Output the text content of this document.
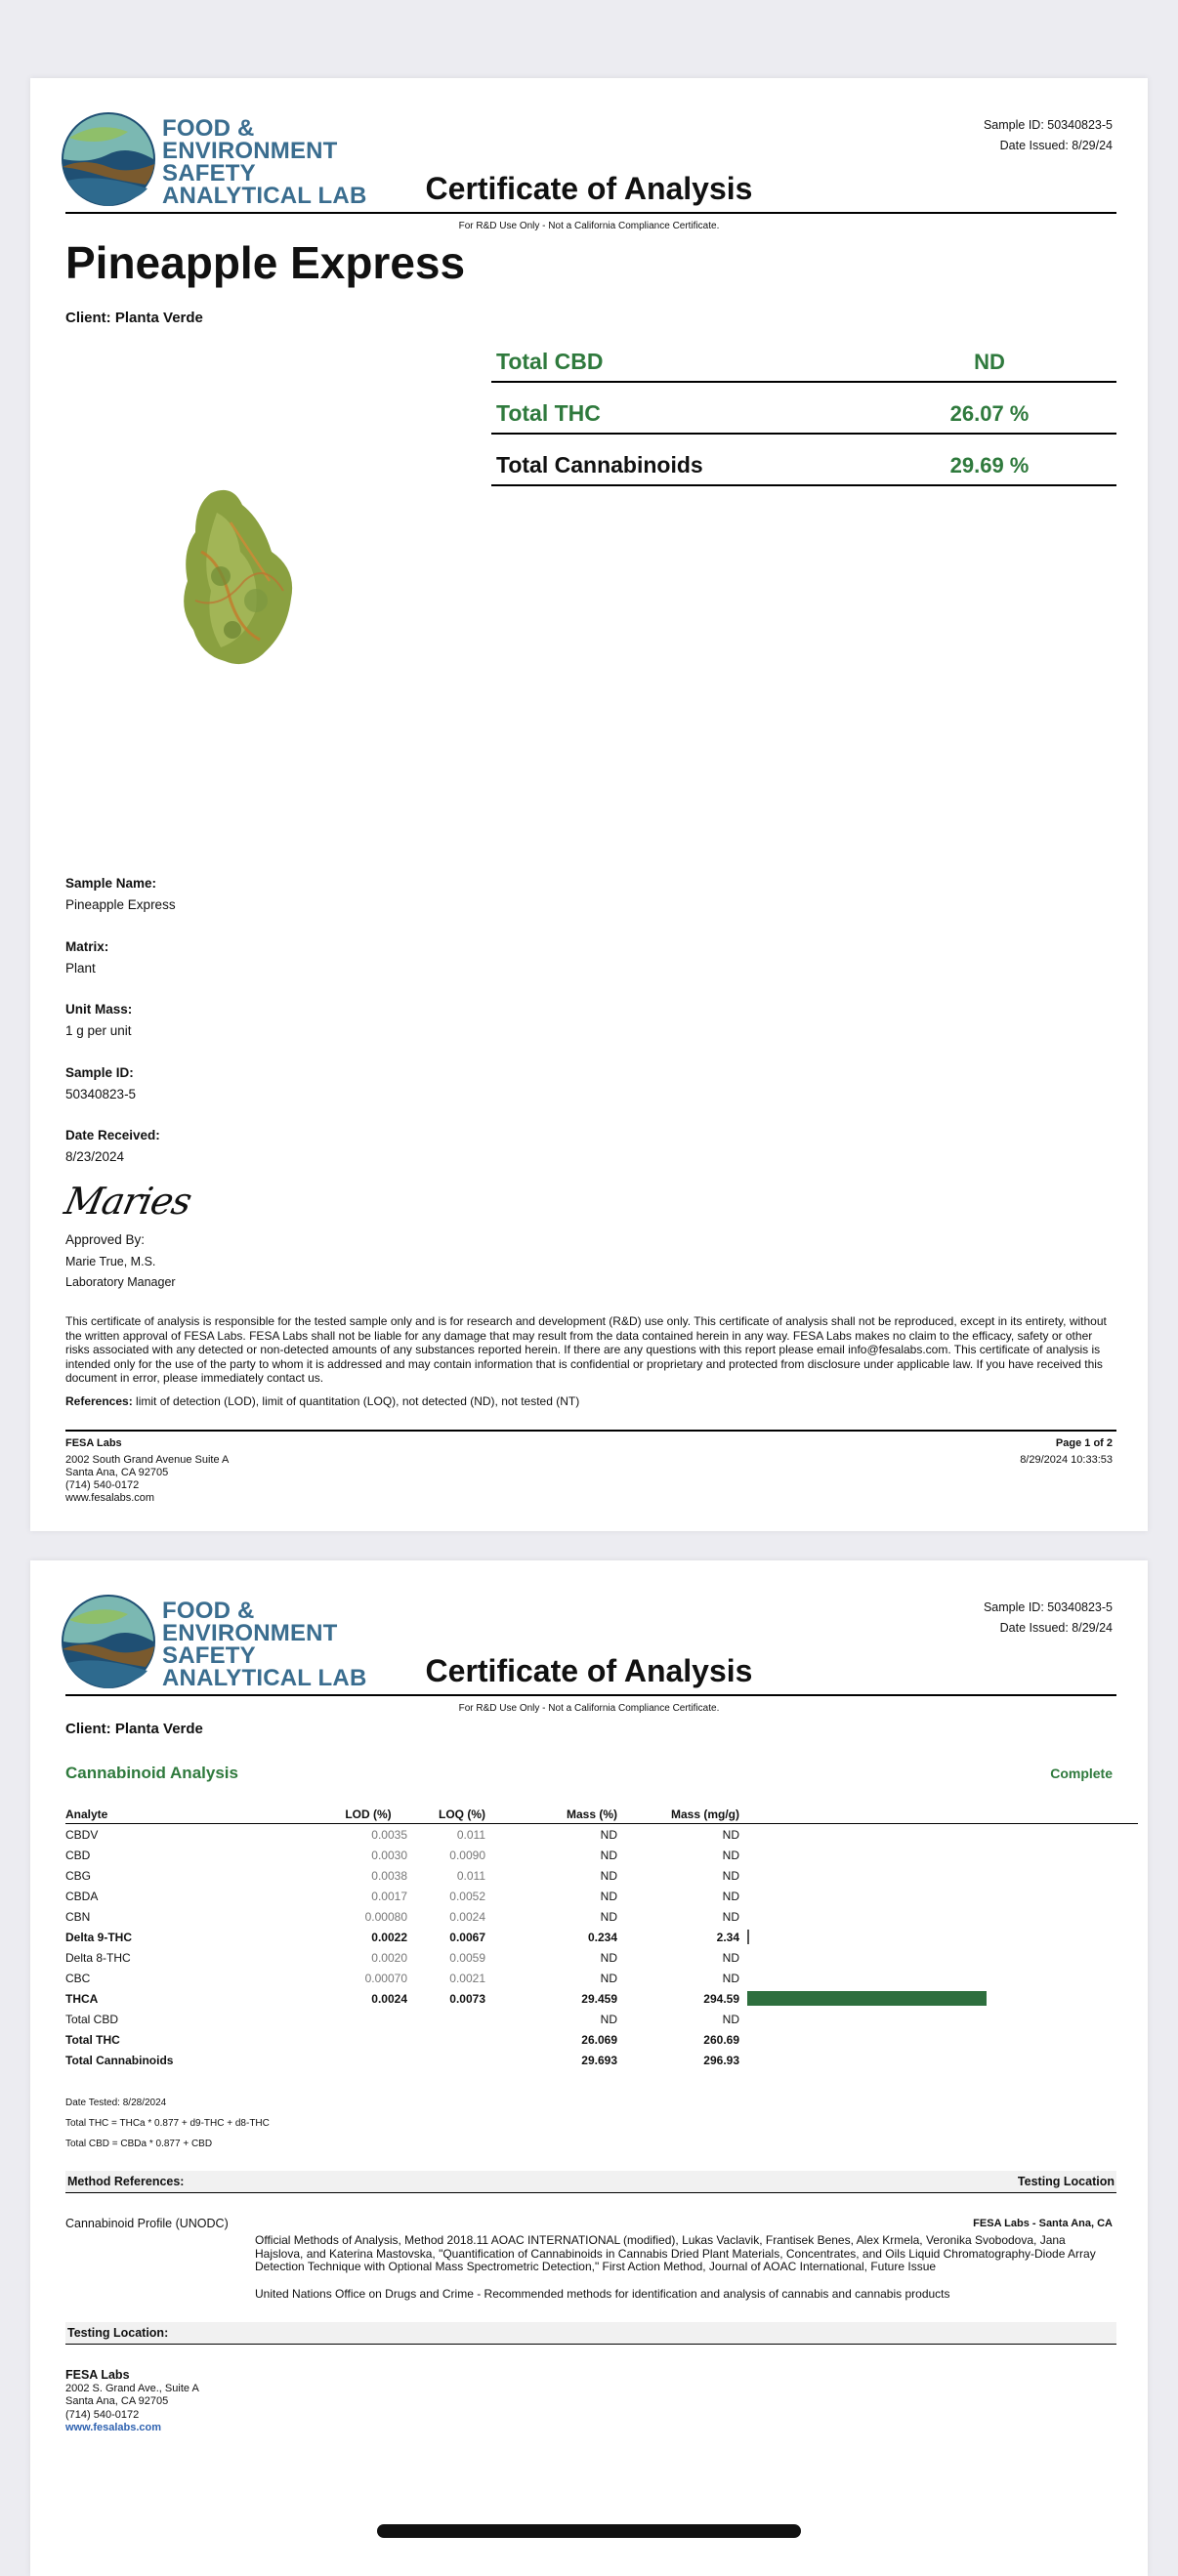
FOOD &
ENVIRONMENT
SAFETY
ANALYTICAL LAB
Sample ID: 50340823-5
Date Issued: 8/29/24
Certificate of Analysis
For R&D Use Only - Not a California Compliance Certificate.
Pineapple Express
Client: Planta Verde
Total CBD	ND
Total THC	26.07 %
Total Cannabinoids	29.69 %
Sample Name:
Pineapple Express
Matrix:
Plant
Unit Mass:
1 g per unit
Sample ID:
50340823-5
Date Received:
8/23/2024
Maries
Approved By:
Marie True, M.S.
Laboratory Manager
This certificate of analysis is responsible for the tested sample only and is for research and development (R&D) use only. This certificate of analysis shall not be reproduced, except in its entirety, without the written approval of FESA Labs. FESA Labs shall not be liable for any damage that may result from the data contained herein in any way. FESA Labs makes no claim to the efficacy, safety or other risks associated with any detected or non-detected amounts of any substances reported herein. If there are any questions with this report please email info@fesalabs.com. This certificate of analysis is intended only for the use of the party to whom it is addressed and may contain information that is confidential or proprietary and protected from disclosure under applicable law. If you have received this document in error, please immediately contact us.
References: limit of detection (LOD), limit of quantitation (LOQ), not detected (ND), not tested (NT)
FESA Labs
2002 South Grand Avenue Suite A
Santa Ana, CA 92705
(714) 540-0172
www.fesalabs.com
Page 1 of 2
8/29/2024 10:33:53
FOOD &
ENVIRONMENT
SAFETY
ANALYTICAL LAB
Sample ID: 50340823-5
Date Issued: 8/29/24
Certificate of Analysis
For R&D Use Only - Not a California Compliance Certificate.
Client: Planta Verde
Cannabinoid Analysis	Complete
Analyte	LOD (%)	LOQ (%)	Mass (%)	Mass (mg/g)	
CBDV	0.0035	0.011	ND	ND	
CBD	0.0030	0.0090	ND	ND	
CBG	0.0038	0.011	ND	ND	
CBDA	0.0017	0.0052	ND	ND	
CBN	0.00080	0.0024	ND	ND	
Delta 9-THC	0.0022	0.0067	0.234	2.34	

Delta 8-THC	0.0020	0.0059	ND	ND	
CBC	0.00070	0.0021	ND	ND	
THCA	0.0024	0.0073	29.459	294.59	

Total CBD			ND	ND	
Total THC			26.069	260.69	
Total Cannabinoids			29.693	296.93	
Date Tested: 8/28/2024
Total THC = THCa * 0.877 + d9-THC + d8-THC
Total CBD = CBDa * 0.877 + CBD
Method References:	Testing Location
Cannabinoid Profile (UNODC)	FESA Labs - Santa Ana, CA
Official Methods of Analysis, Method 2018.11 AOAC INTERNATIONAL (modified), Lukas Vaclavik, Frantisek Benes, Alex Krmela, Veronika Svobodova, Jana Hajslova, and Katerina Mastovska, "Quantification of Cannabinoids in Cannabis Dried Plant Materials, Concentrates, and Oils Liquid Chromatography-Diode Array Detection Technique with Optional Mass Spectrometric Detection," First Action Method, Journal of AOAC International, Future Issue
United Nations Office on Drugs and Crime - Recommended methods for identification and analysis of cannabis and cannabis products
Testing Location:
FESA Labs
2002 S. Grand Ave., Suite A
Santa Ana, CA 92705
(714) 540-0172
www.fesalabs.com
